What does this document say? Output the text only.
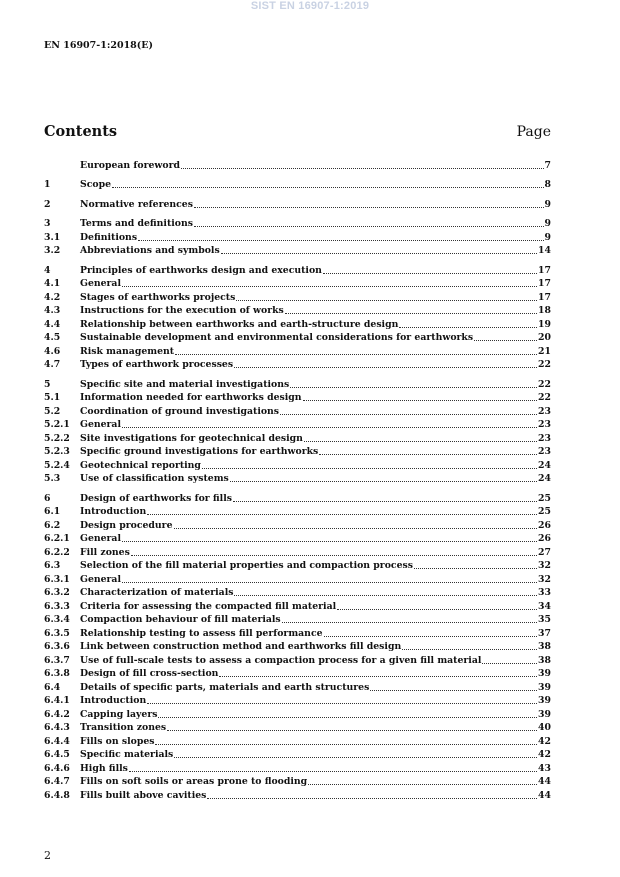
SIST EN 16907-1:2019
EN 16907-1:2018(E)
Contents	Page
European foreword	7
1	Scope	8
2	Normative references	9
3	Terms and definitions	9
3.1	Definitions	9
3.2	Abbreviations and symbols	14
4	Principles of earthworks design and execution	17
4.1	General	17
4.2	Stages of earthworks projects	17
4.3	Instructions for the execution of works	18
4.4	Relationship between earthworks and earth-structure design	19
4.5	Sustainable development and environmental considerations for earthworks	20
4.6	Risk management	21
4.7	Types of earthwork processes	22
5	Specific site and material investigations	22
5.1	Information needed for earthworks design	22
5.2	Coordination of ground investigations	23
5.2.1	General	23
5.2.2	Site investigations for geotechnical design	23
5.2.3	Specific ground investigations for earthworks	23
5.2.4	Geotechnical reporting	24
5.3	Use of classification systems	24
6	Design of earthworks for fills	25
6.1	Introduction	25
6.2	Design procedure	26
6.2.1	General	26
6.2.2	Fill zones	27
6.3	Selection of the fill material properties and compaction process	32
6.3.1	General	32
6.3.2	Characterization of materials	33
6.3.3	Criteria for assessing the compacted fill material	34
6.3.4	Compaction behaviour of fill materials	35
6.3.5	Relationship testing to assess fill performance	37
6.3.6	Link between construction method and earthworks fill design	38
6.3.7	Use of full-scale tests to assess a compaction process for a given fill material	38
6.3.8	Design of fill cross-section	39
6.4	Details of specific parts, materials and earth structures	39
6.4.1	Introduction	39
6.4.2	Capping layers	39
6.4.3	Transition zones	40
6.4.4	Fills on slopes	42
6.4.5	Specific materials	42
6.4.6	High fills	43
6.4.7	Fills on soft soils or areas prone to flooding	44
6.4.8	Fills built above cavities	44
2
